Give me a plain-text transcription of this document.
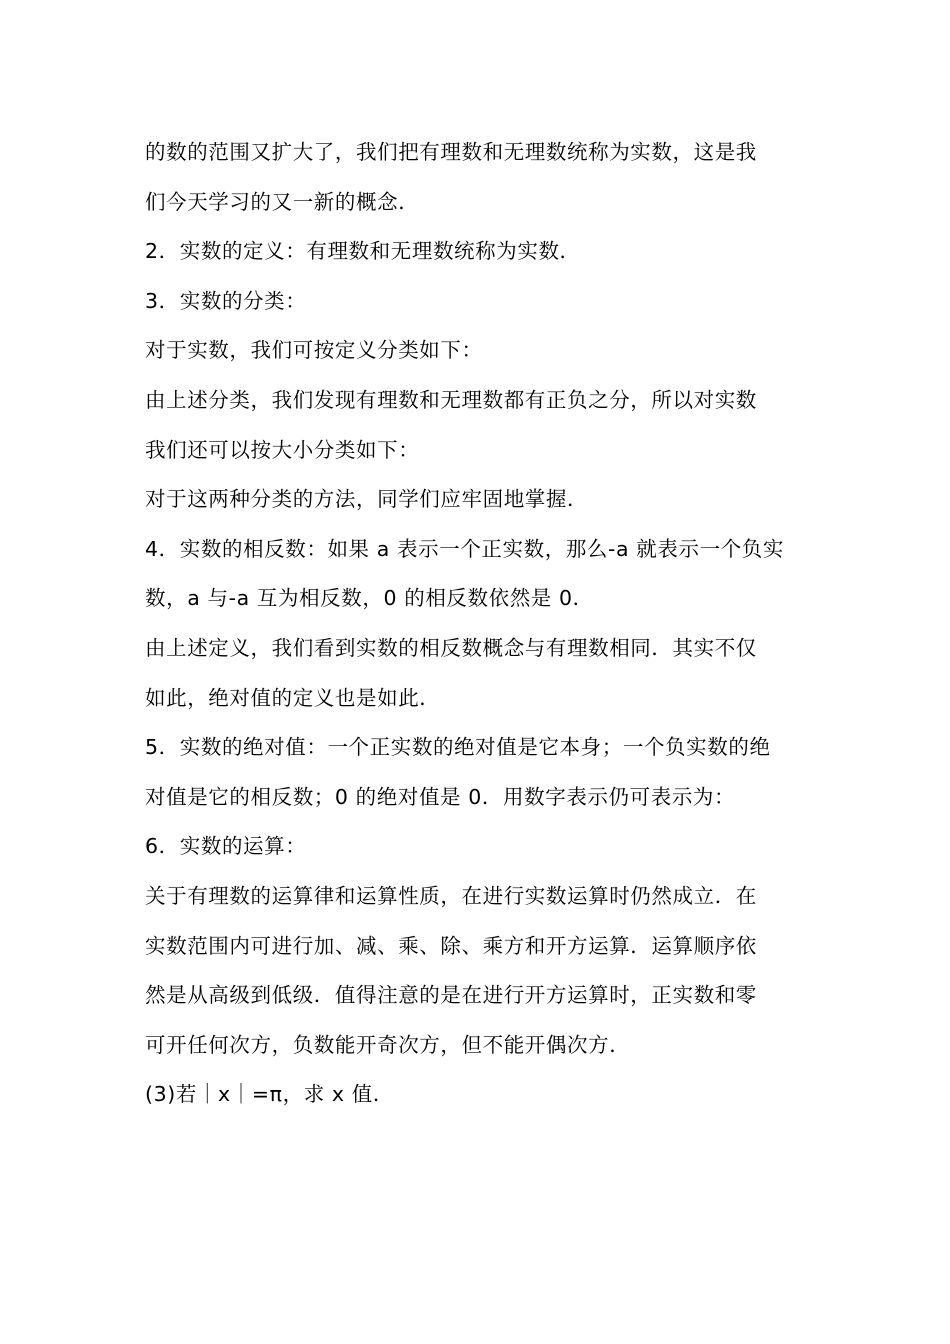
的数的范围又扩大了，我们把有理数和无理数统称为实数，这是我
们今天学习的又一新的概念．
2．实数的定义：有理数和无理数统称为实数．
3．实数的分类：
对于实数，我们可按定义分类如下：
由上述分类，我们发现有理数和无理数都有正负之分，所以对实数
我们还可以按大小分类如下：
对于这两种分类的方法，同学们应牢固地掌握．
4．实数的相反数：如果 a 表示一个正实数，那么-a 就表示一个负实
数，a 与-a 互为相反数，0 的相反数依然是 0．
由上述定义，我们看到实数的相反数概念与有理数相同．其实不仅
如此，绝对值的定义也是如此．
5．实数的绝对值：一个正实数的绝对值是它本身；一个负实数的绝
对值是它的相反数；0 的绝对值是 0．用数字表示仍可表示为：
6．实数的运算：
关于有理数的运算律和运算性质，在进行实数运算时仍然成立．在
实数范围内可进行加、减、乘、除、乘方和开方运算．运算顺序依
然是从高级到低级．值得注意的是在进行开方运算时，正实数和零
可开任何次方，负数能开奇次方，但不能开偶次方．
(3)若｜x｜=π，求 x 值．
